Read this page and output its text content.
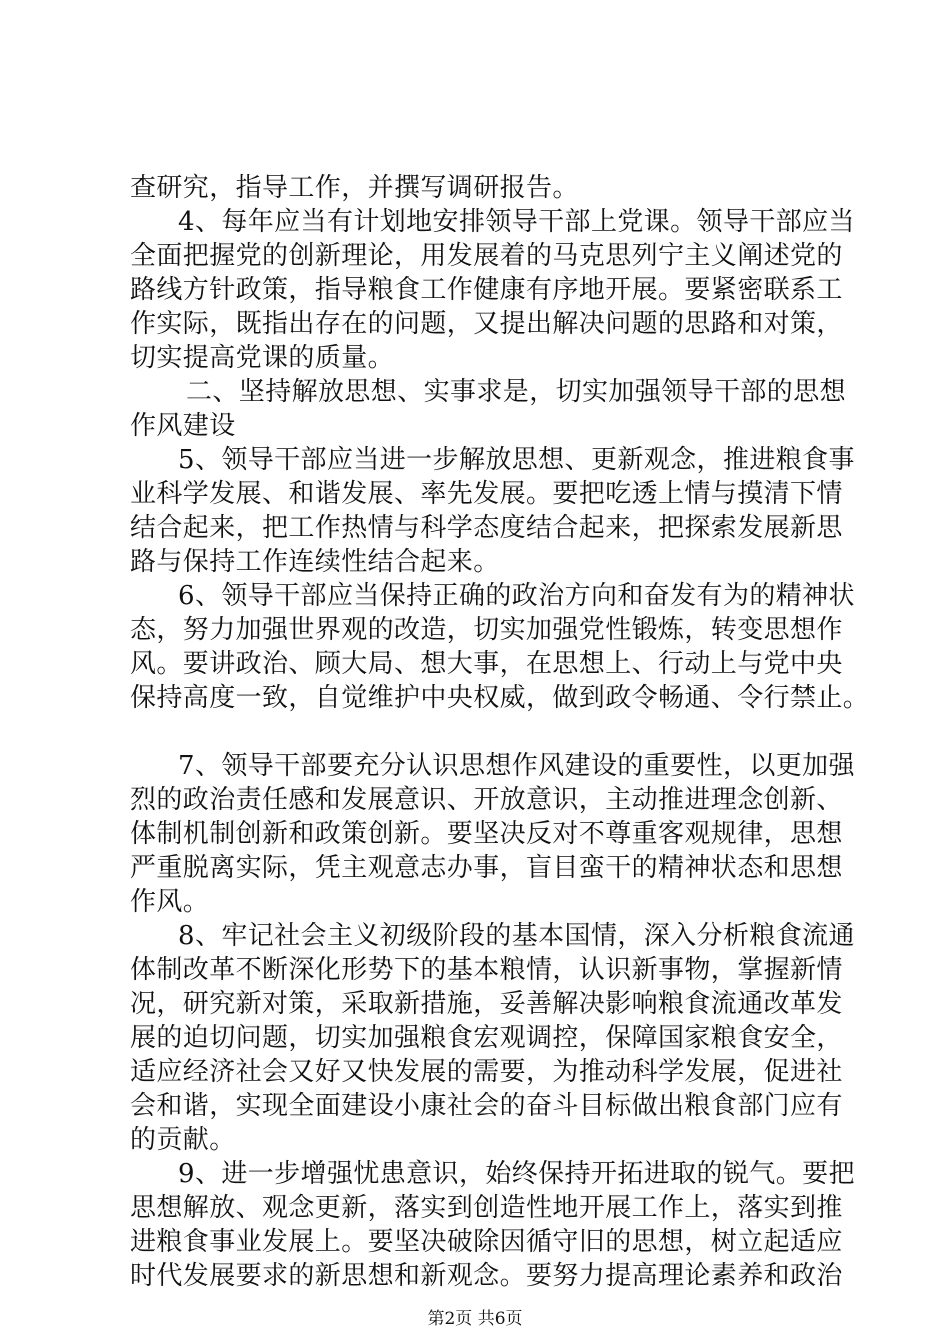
查研究，指导工作，并撰写调研报告。
4、每年应当有计划地安排领导干部上党课。领导干部应当
全面把握党的创新理论，用发展着的马克思列宁主义阐述党的
路线方针政策，指导粮食工作健康有序地开展。要紧密联系工
作实际，既指出存在的问题，又提出解决问题的思路和对策，
切实提高党课的质量。
二、坚持解放思想、实事求是，切实加强领导干部的思想
作风建设
5、领导干部应当进一步解放思想、更新观念，推进粮食事
业科学发展、和谐发展、率先发展。要把吃透上情与摸清下情
结合起来，把工作热情与科学态度结合起来，把探索发展新思
路与保持工作连续性结合起来。
6、领导干部应当保持正确的政治方向和奋发有为的精神状
态，努力加强世界观的改造，切实加强党性锻炼，转变思想作
风。要讲政治、顾大局、想大事，在思想上、行动上与党中央
保持高度一致，自觉维护中央权威，做到政令畅通、令行禁止。
7、领导干部要充分认识思想作风建设的重要性，以更加强
烈的政治责任感和发展意识、开放意识，主动推进理念创新、
体制机制创新和政策创新。要坚决反对不尊重客观规律，思想
严重脱离实际，凭主观意志办事，盲目蛮干的精神状态和思想
作风。
8、牢记社会主义初级阶段的基本国情，深入分析粮食流通
体制改革不断深化形势下的基本粮情，认识新事物，掌握新情
况，研究新对策，采取新措施，妥善解决影响粮食流通改革发
展的迫切问题，切实加强粮食宏观调控，保障国家粮食安全，
适应经济社会又好又快发展的需要，为推动科学发展，促进社
会和谐，实现全面建设小康社会的奋斗目标做出粮食部门应有
的贡献。
9、进一步增强忧患意识，始终保持开拓进取的锐气。要把
思想解放、观念更新，落实到创造性地开展工作上，落实到推
进粮食事业发展上。要坚决破除因循守旧的思想，树立起适应
时代发展要求的新思想和新观念。要努力提高理论素养和政治
第2页 共6页
